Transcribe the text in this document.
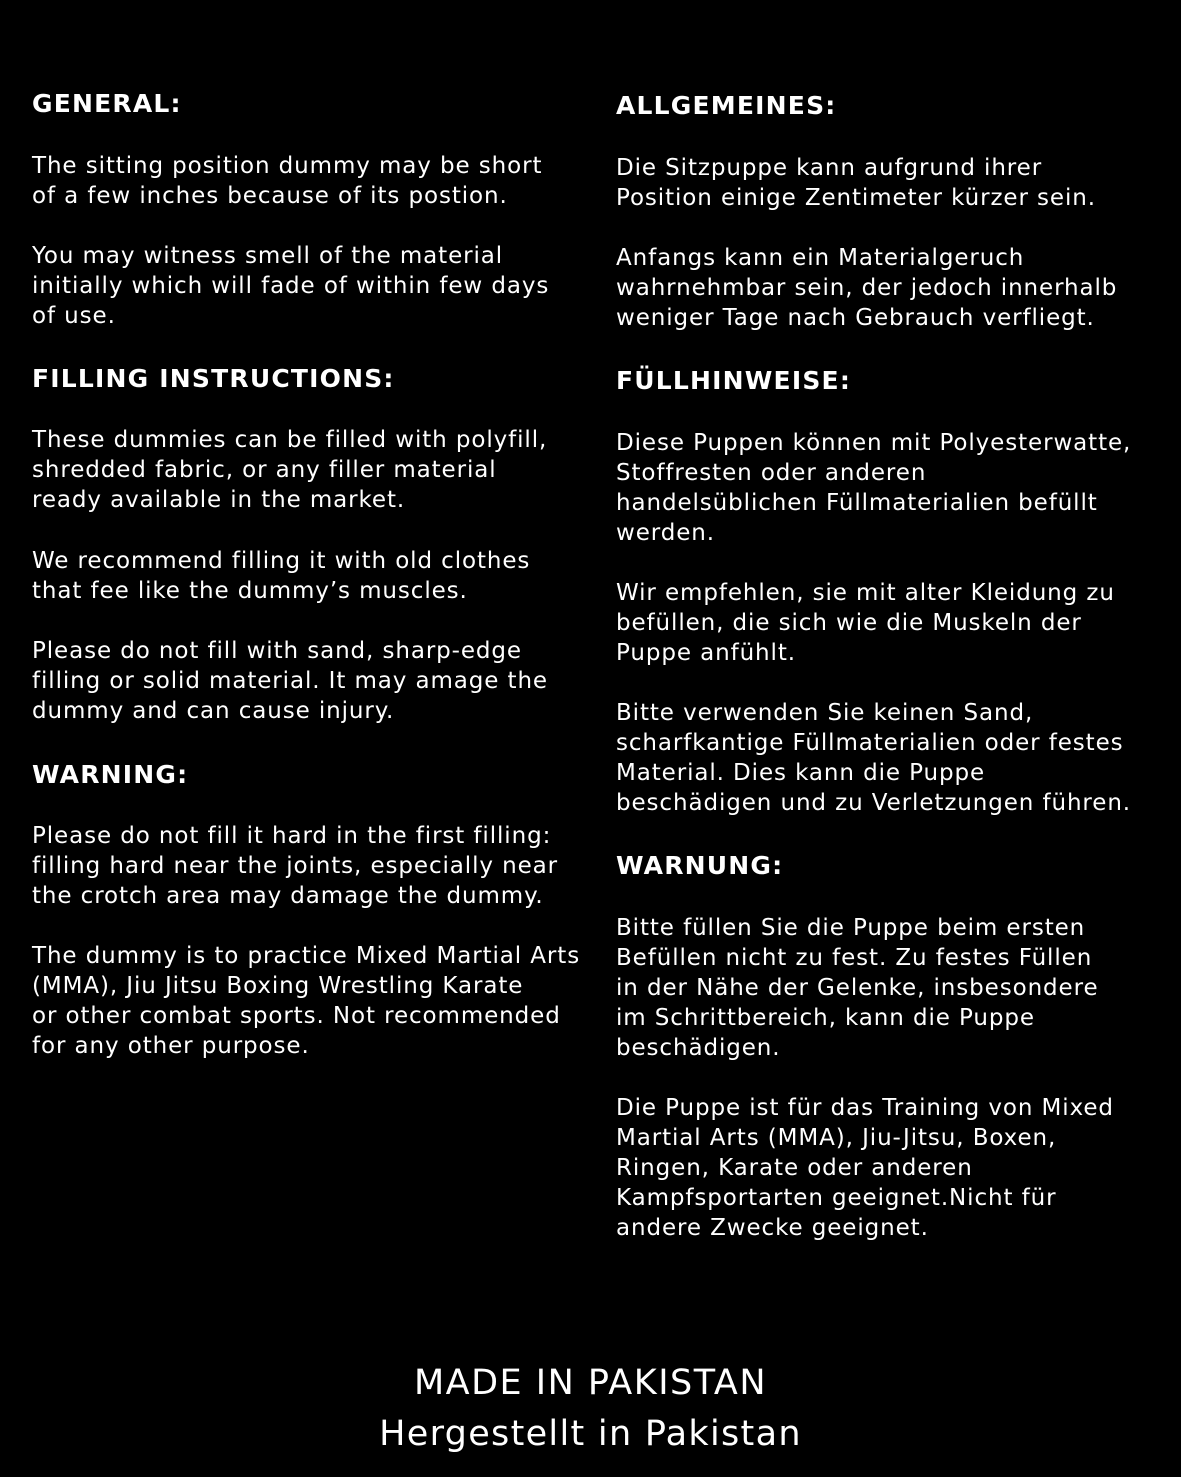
GENERAL:

The sitting position dummy may be short
of a few inches because of its postion.

You may witness smell of the material
initially which will fade of within few days
of use.

FILLING INSTRUCTIONS:

These dummies can be filled with polyfill,
shredded fabric, or any filler material
ready available in the market.

We recommend filling it with old clothes
that fee like the dummy’s muscles.

Please do not fill with sand, sharp-edge
filling or solid material. It may amage the
dummy and can cause injury.

WARNING:

Please do not fill it hard in the first filling:
filling hard near the joints, especially near
the crotch area may damage the dummy.

The dummy is to practice Mixed Martial Arts
(MMA), Jiu Jitsu Boxing Wrestling Karate
or other combat sports. Not recommended
for any other purpose.

ALLGEMEINES:

Die Sitzpuppe kann aufgrund ihrer
Position einige Zentimeter kürzer sein.

Anfangs kann ein Materialgeruch
wahrnehmbar sein, der jedoch innerhalb
weniger Tage nach Gebrauch verfliegt.

FÜLLHINWEISE:

Diese Puppen können mit Polyesterwatte,
Stoffresten oder anderen
handelsüblichen Füllmaterialien befüllt
werden.

Wir empfehlen, sie mit alter Kleidung zu
befüllen, die sich wie die Muskeln der
Puppe anfühlt.

Bitte verwenden Sie keinen Sand,
scharfkantige Füllmaterialien oder festes
Material. Dies kann die Puppe
beschädigen und zu Verletzungen führen.

WARNUNG:

Bitte füllen Sie die Puppe beim ersten
Befüllen nicht zu fest. Zu festes Füllen
in der Nähe der Gelenke, insbesondere
im Schrittbereich, kann die Puppe
beschädigen.

Die Puppe ist für das Training von Mixed
Martial Arts (MMA), Jiu-Jitsu, Boxen,
Ringen, Karate oder anderen
Kampfsportarten geeignet.Nicht für
andere Zwecke geeignet.

MADE IN PAKISTAN
Hergestellt in Pakistan
